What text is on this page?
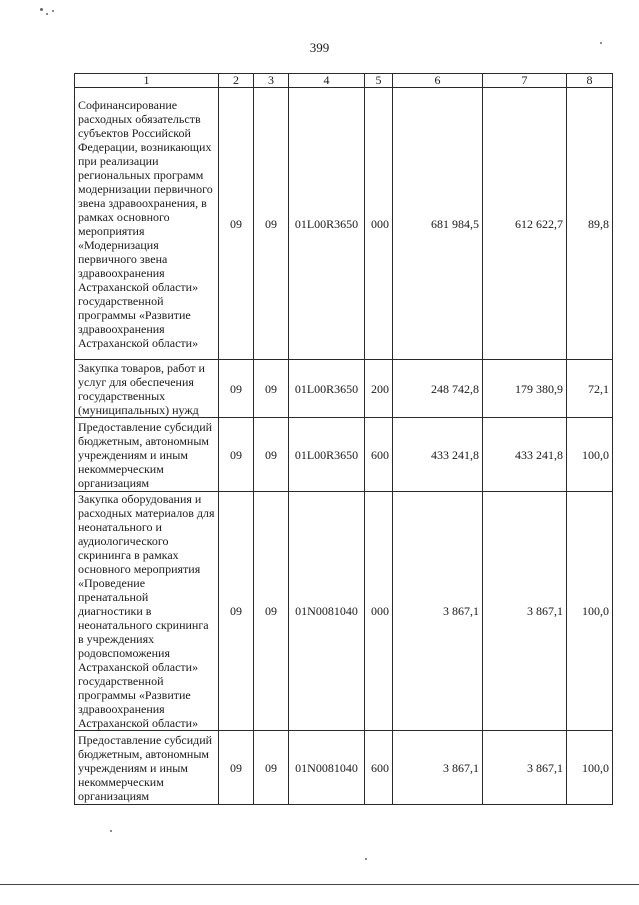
399
1	2	3	4	5	6	7	8
Софинансирование расходных обязательств субъектов Российской Федерации, возникающих при реализации региональных программ модернизации первичного звена здравоохранения, в рамках основного мероприятия «Модернизация первичного звена здравоохранения Астраханской области» государственной программы «Развитие здравоохранения Астраханской области»	09	09	01L00R3650	000	681 984,5	612 622,7	89,8
Закупка товаров, работ и услуг для обеспечения государственных (муниципальных) нужд	09	09	01L00R3650	200	248 742,8	179 380,9	72,1
Предоставление субсидий бюджетным, автономным учреждениям и иным некоммерческим организациям	09	09	01L00R3650	600	433 241,8	433 241,8	100,0
Закупка оборудования и расходных материалов для неонатального и аудиологического скрининга в рамках основного мероприятия «Проведение пренатальной диагностики в неонатального скрининга в учреждениях родовспоможения Астраханской области» государственной программы «Развитие здравоохранения Астраханской области»	09	09	01N0081040	000	3 867,1	3 867,1	100,0
Предоставление субсидий бюджетным, автономным учреждениям и иным некоммерческим организациям	09	09	01N0081040	600	3 867,1	3 867,1	100,0
